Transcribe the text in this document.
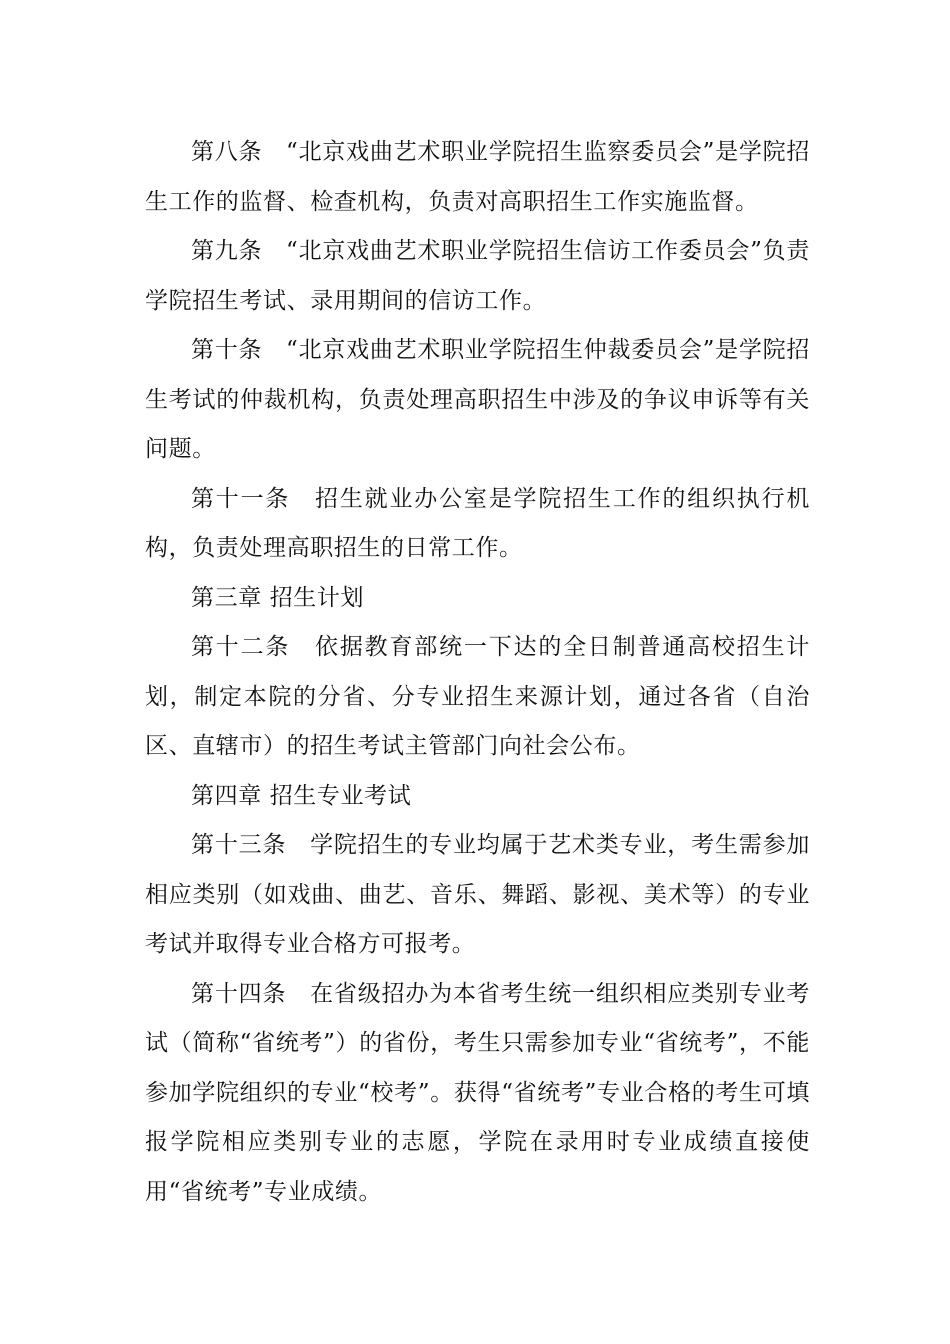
第八条　“北京戏曲艺术职业学院招生监察委员会”是学院招生工作的监督、检查机构，负责对高职招生工作实施监督。

第九条　“北京戏曲艺术职业学院招生信访工作委员会”负责学院招生考试、录用期间的信访工作。

第十条　“北京戏曲艺术职业学院招生仲裁委员会”是学院招生考试的仲裁机构，负责处理高职招生中涉及的争议申诉等有关问题。

第十一条　招生就业办公室是学院招生工作的组织执行机构，负责处理高职招生的日常工作。

第三章 招生计划

第十二条　依据教育部统一下达的全日制普通高校招生计划，制定本院的分省、分专业招生来源计划，通过各省（自治区、直辖市）的招生考试主管部门向社会公布。

第四章 招生专业考试

第十三条　学院招生的专业均属于艺术类专业，考生需参加相应类别（如戏曲、曲艺、音乐、舞蹈、影视、美术等）的专业考试并取得专业合格方可报考。

第十四条　在省级招办为本省考生统一组织相应类别专业考试（简称“省统考”）的省份，考生只需参加专业“省统考”，不能参加学院组织的专业“校考”。获得“省统考”专业合格的考生可填报学院相应类别专业的志愿，学院在录用时专业成绩直接使用“省统考”专业成绩。
